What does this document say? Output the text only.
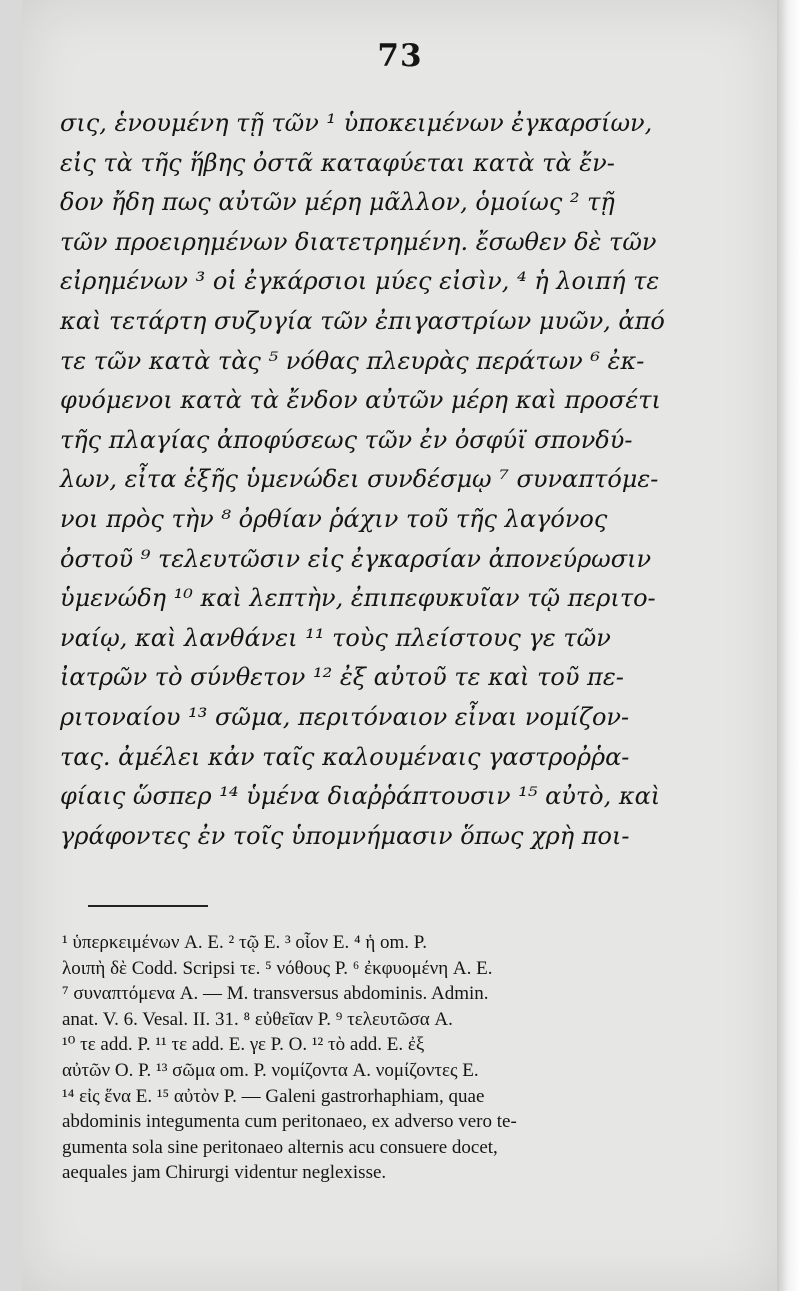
73
σις, ἑνουμένη τῇ τῶν ¹ ὑποκειμένων ἐγκαρσίων,
εἰς τὰ τῆς ἥβης ὀστᾶ καταφύεται κατὰ τὰ ἔν-
δον ἤδη πως αὐτῶν μέρη μᾶλλον, ὁμοίως ² τῇ
τῶν προειρημένων διατετρημένη. ἔσωθεν δὲ τῶν
εἰρημένων ³ οἱ ἐγκάρσιοι μύες εἰσὶν, ⁴ ἡ λοιπή τε
καὶ τετάρτη συζυγία τῶν ἐπιγαστρίων μυῶν, ἀπό
τε τῶν κατὰ τὰς ⁵ νόθας πλευρὰς περάτων ⁶ ἐκ-
φυόμενοι κατὰ τὰ ἔνδον αὐτῶν μέρη καὶ προσέτι
τῆς πλαγίας ἀποφύσεως τῶν ἐν ὀσφύϊ σπονδύ-
λων, εἶτα ἑξῆς ὑμενώδει συνδέσμῳ ⁷ συναπτόμε-
νοι πρὸς τὴν ⁸ ὀρθίαν ῥάχιν τοῦ τῆς λαγόνος
ὀστοῦ ⁹ τελευτῶσιν εἰς ἐγκαρσίαν ἀπονεύρωσιν
ὑμενώδη ¹⁰ καὶ λεπτὴν, ἐπιπεφυκυῖαν τῷ περιτο-
ναίῳ, καὶ λανθάνει ¹¹ τοὺς πλείστους γε τῶν
ἰατρῶν τὸ σύνθετον ¹² ἐξ αὐτοῦ τε καὶ τοῦ πε-
ριτοναίου ¹³ σῶμα, περιτόναιον εἶναι νομίζον-
τας. ἀμέλει κἀν ταῖς καλουμέναις γαστροῤῥα-
φίαις ὥσπερ ¹⁴ ὑμένα διαῤῥάπτουσιν ¹⁵ αὐτὸ, καὶ
γράφοντες ἐν τοῖς ὑπομνήμασιν ὅπως χρὴ ποι-
¹ ὑπερκειμένων A. E. ² τῷ E. ³ οἷον E. ⁴ ἡ om. P.
λοιπὴ δὲ Codd. Scripsi τε. ⁵ νόθους P. ⁶ ἐκφυομένη A. E.
⁷ συναπτόμενα A. — M. transversus abdominis. Admin.
anat. V. 6. Vesal. II. 31. ⁸ εὐθεῖαν P. ⁹ τελευτῶσα A.
¹⁰ τε add. P. ¹¹ τε add. E. γε P. O. ¹² τὸ add. E. ἐξ
αὐτῶν O. P. ¹³ σῶμα om. P. νομίζοντα A. νομίζοντες E.
¹⁴ εἰς ἕνα E. ¹⁵ αὐτὸν P. — Galeni gastrorhaphiam, quae
abdominis integumenta cum peritonaeo, ex adverso vero te-
gumenta sola sine peritonaeo alternis acu consuere docet,
aequales jam Chirurgi videntur neglexisse.
